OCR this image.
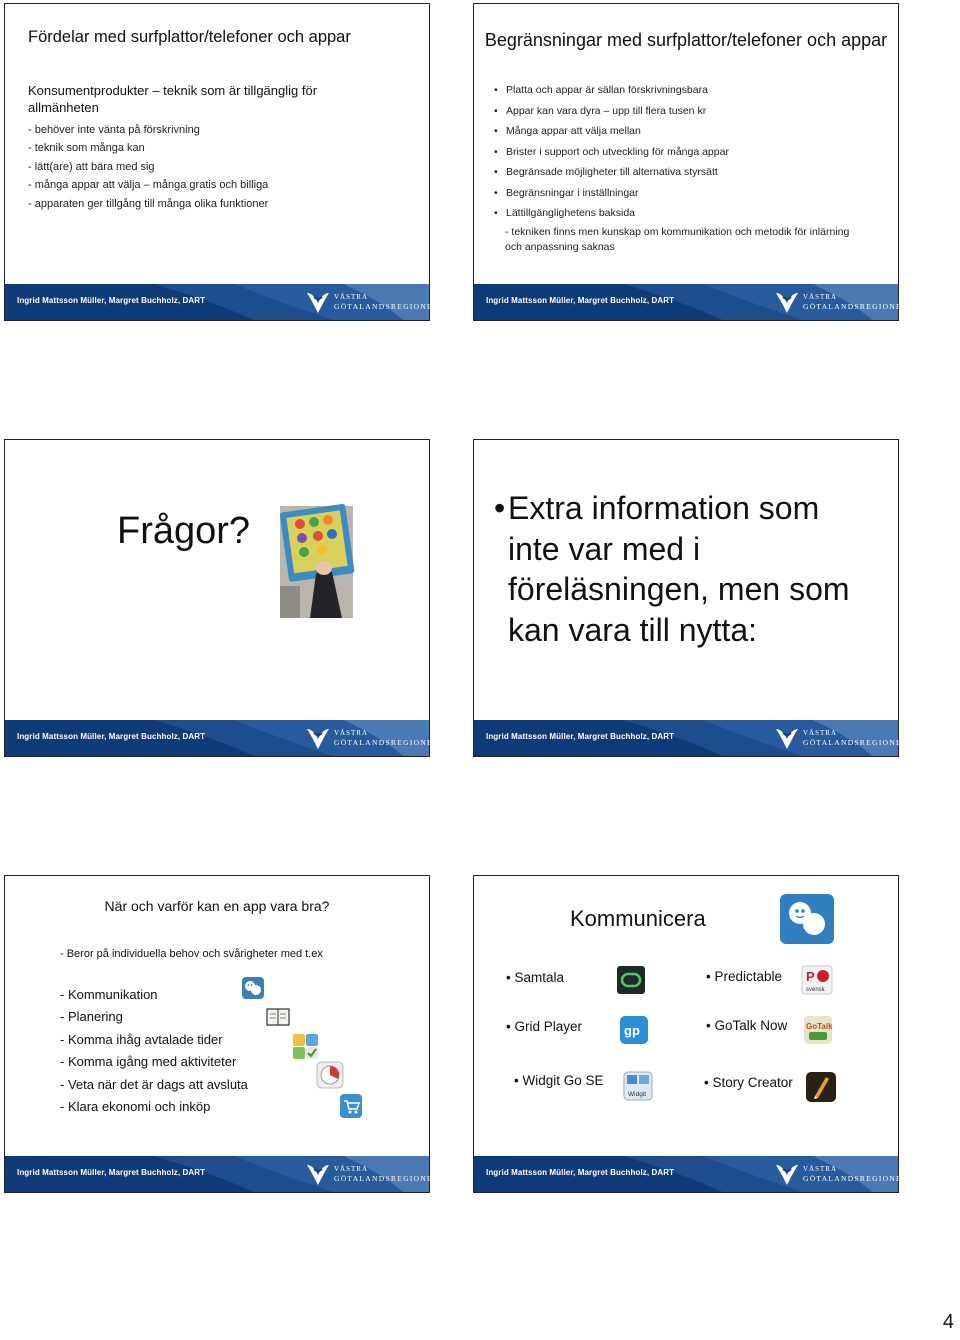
Fördelar med surfplattor/telefoner och appar
Konsumentprodukter – teknik som är tillgänglig för allmänheten
- behöver inte vänta på förskrivning
- teknik som många kan
- lätt(are) att bära med sig
- många appar att välja – många gratis och billiga
- apparaten ger tillgång till många olika funktioner
Ingrid Mattsson Müller, Margret Buchholz, DART	VÄSTRA
GÖTALANDSREGIONEN
Begränsningar med surfplattor/telefoner och appar
• Platta och appar är sällan förskrivningsbara
• Appar kan vara dyra – upp till flera tusen kr
• Många appar att välja mellan
• Brister i support och utveckling för många appar
• Begränsade möjligheter till alternativa styrsätt
• Begränsningar i inställningar
• Lättillgänglighetens baksida
- tekniken finns men kunskap om kommunikation och metodik för inlärning och anpassning saknas
Ingrid Mattsson Müller, Margret Buchholz, DART	VÄSTRA
GÖTALANDSREGIONEN
Frågor?
Ingrid Mattsson Müller, Margret Buchholz, DART	VÄSTRA
GÖTALANDSREGIONEN
• Extra information som inte var med i föreläsningen, men som kan vara till nytta:
Ingrid Mattsson Müller, Margret Buchholz, DART	VÄSTRA
GÖTALANDSREGIONEN
När och varför kan en app vara bra?
- Beror på individuella behov och svårigheter med t.ex
- Kommunikation
- Planering
- Komma ihåg avtalade tider
- Komma igång med aktiviteter
- Veta när det är dags att avsluta
- Klara ekonomi och inköp
Ingrid Mattsson Müller, Margret Buchholz, DART	VÄSTRA
GÖTALANDSREGIONEN
Kommunicera
• Samtala	• Predictable P
svensk
• Grid Player	gp	• GoTalk Now GoTalk
• Widgit Go SE
Widgit
• Story Creator
Ingrid Mattsson Müller, Margret Buchholz, DART	VÄSTRA
GÖTALANDSREGIONEN
4
